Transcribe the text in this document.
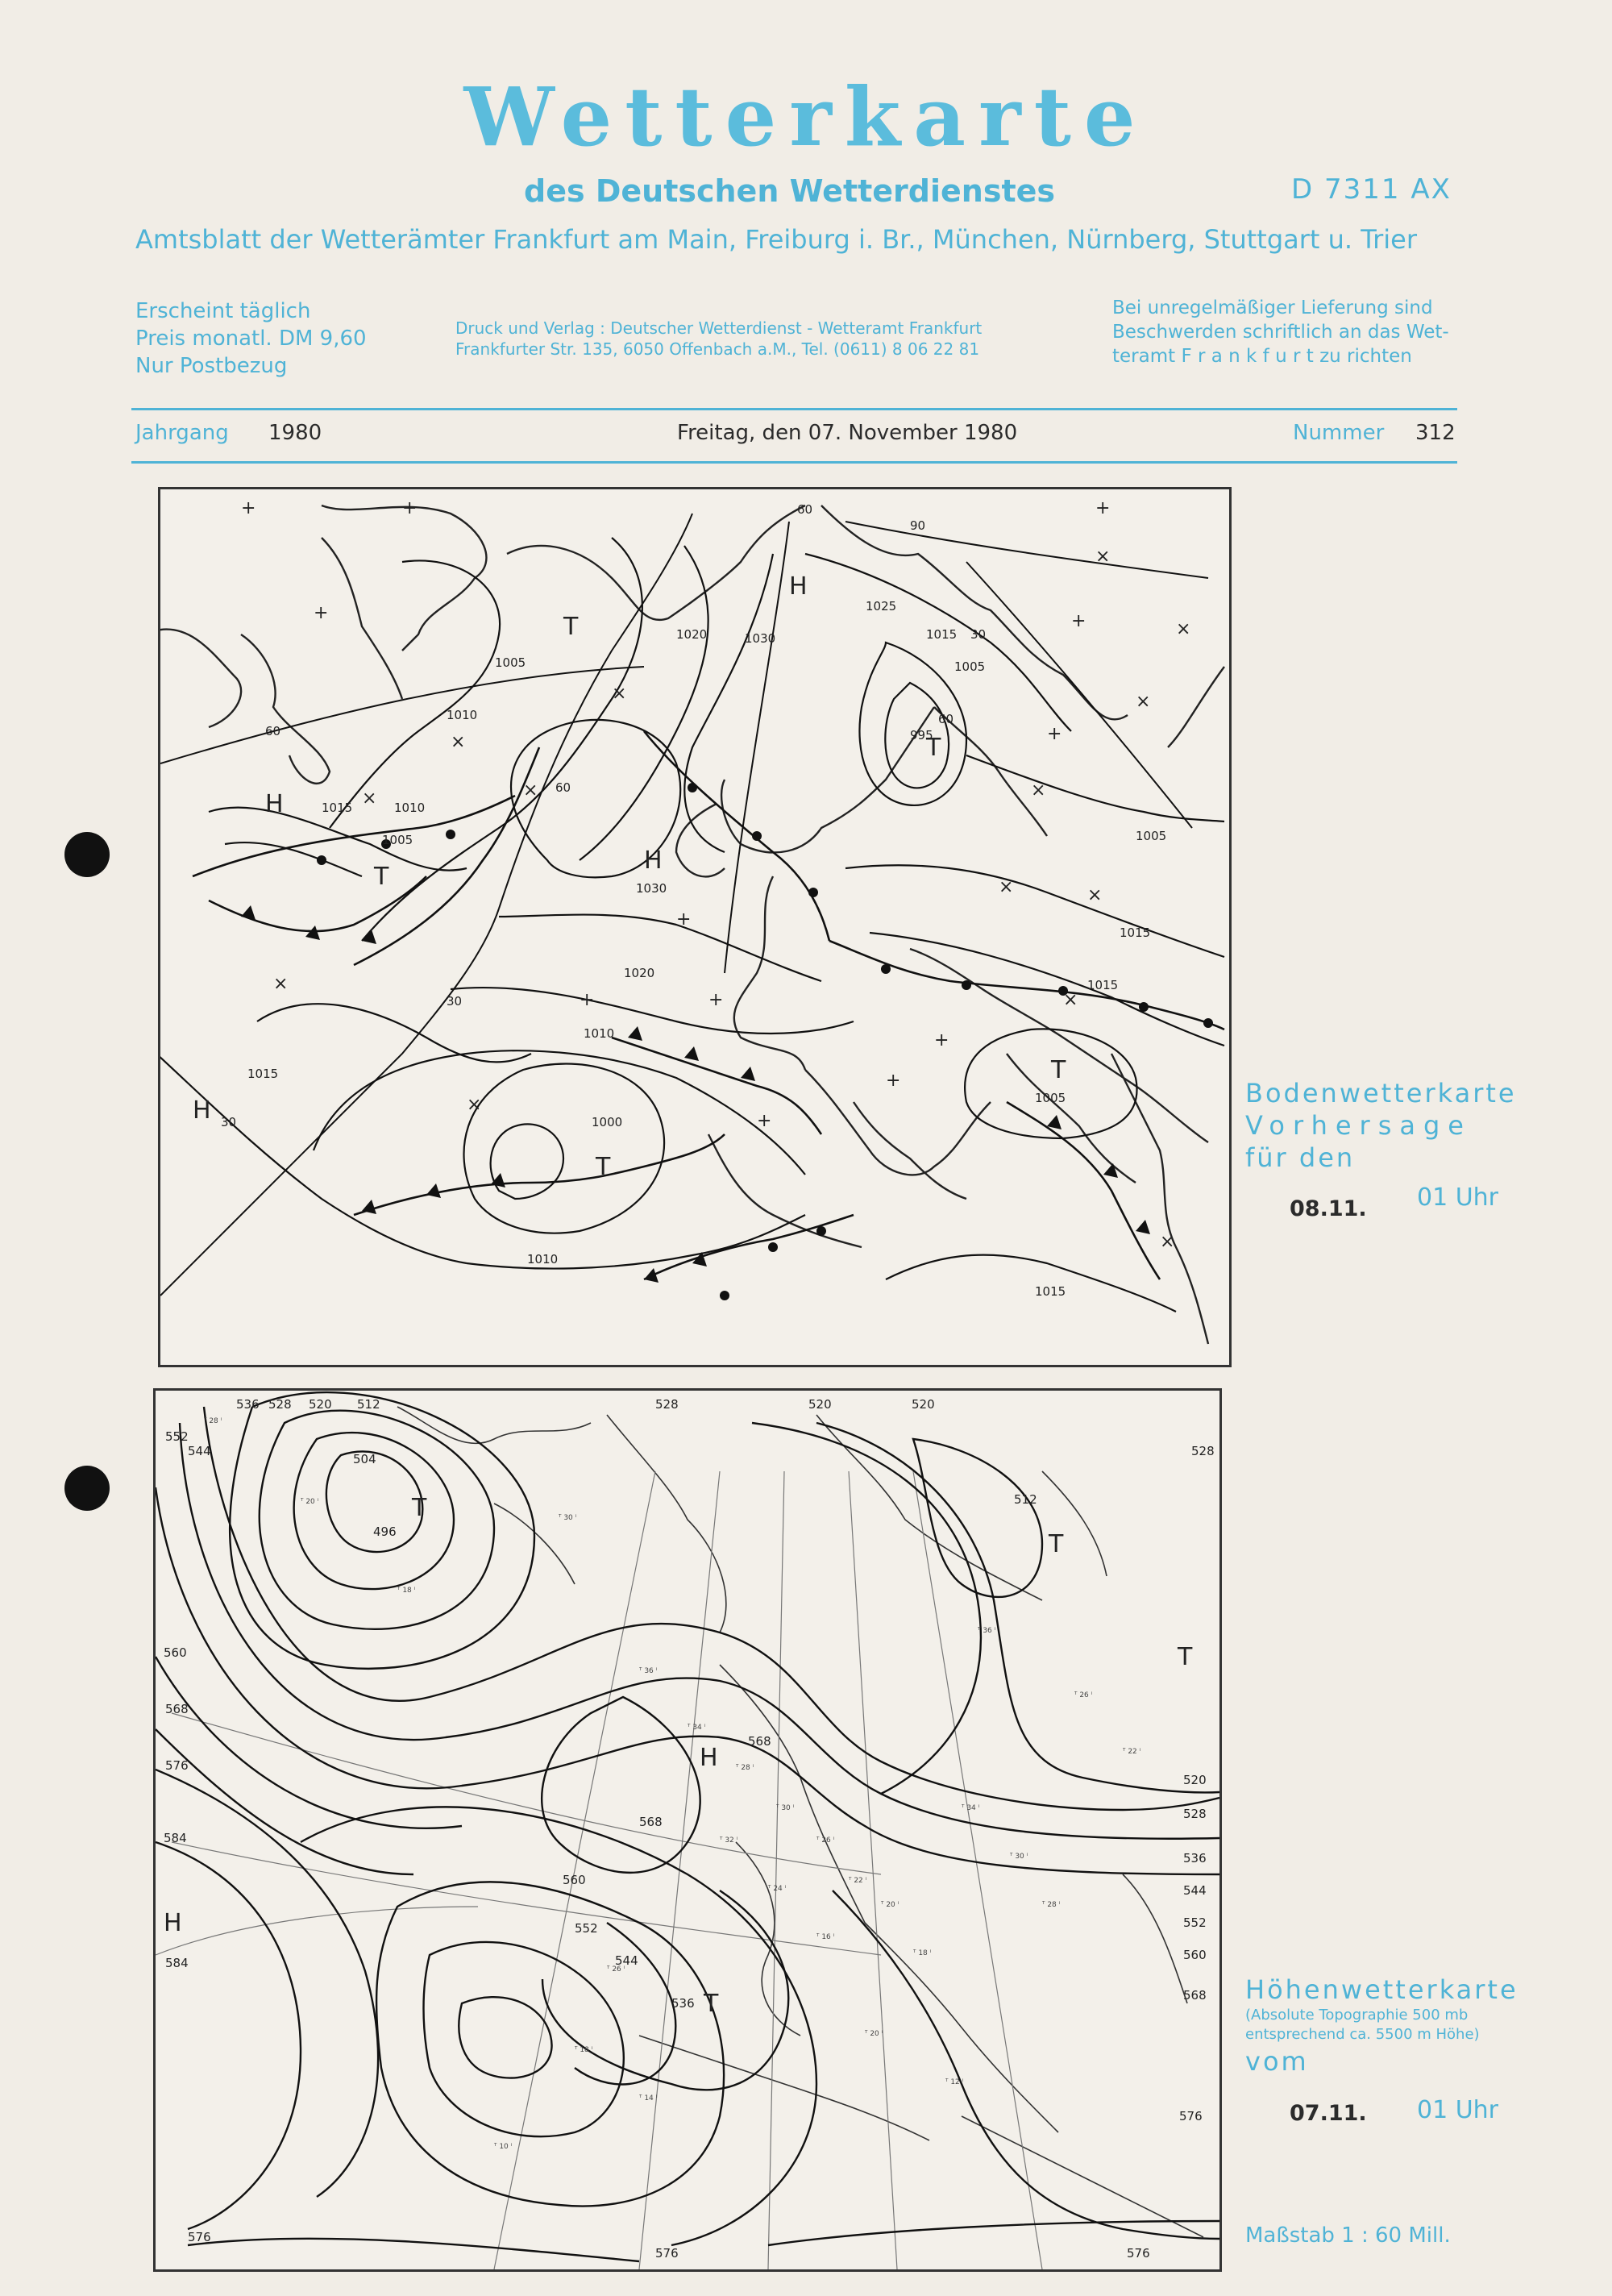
Wetterkarte
des Deutschen Wetterdienstes	D 7311 AX
Amtsblatt der Wetterämter Frankfurt am Main, Freiburg i. Br., München, Nürnberg, Stuttgart u. Trier
Erscheint täglich
Preis monatl. DM 9,60
Nur Postbezug
Druck und Verlag : Deutscher Wetterdienst - Wetteramt Frankfurt
Frankfurter Str. 135, 6050 Offenbach a.M., Tel. (0611) 8 06 22 81
Bei unregelmäßiger Lieferung sind
Beschwerden schriftlich an das Wet-
teramt F r a n k f u r t zu richten
Jahrgang 1980	Freitag, den 07. November 1980	Nummer 312
+	+	+
+	+
+
×
×
×
×
×
×
×
+
+
+
+
+
+
×
×
×
×
×
×
×
H
H
H
H
T
T
T
T
T
1005
1010
1020	1030
1025
1015
1005
995
1015	1010
1005
1030
1005
1020
1015
1015
1010
1015
1005
1000
1010
1015
60
60
60
30
30
30
90
60
Bodenwetterkarte
Vorhersage
für den
08.11. 01 Uhr
ᵀ 28 ⁱ
ᵀ 20 ⁱ
ᵀ 18 ⁱ
ᵀ 30 ⁱ
ᵀ 36 ⁱ
ᵀ 34 ⁱ
ᵀ 28 ⁱ
ᵀ 30 ⁱ
ᵀ 26 ⁱ
ᵀ 22 ⁱ
ᵀ 20 ⁱ
ᵀ 18 ⁱ
ᵀ 32 ⁱ
ᵀ 24 ⁱ
ᵀ 16 ⁱ
ᵀ 34 ⁱ
ᵀ 30 ⁱ
ᵀ 28 ⁱ
ᵀ 36 ⁱ
ᵀ 26 ⁱ
ᵀ 22 ⁱ
ᵀ 26 ⁱ
ᵀ 18 ⁱ
ᵀ 14 ⁱ
ᵀ 20 ⁱ
ᵀ 12 ⁱ
ᵀ 10 ⁱ
536 528 520 512
552
544
504
496
528	520	520
528
512
560
568
576
584
584
568
568
560
552
544
536
520
528
536
544
552
560
568
576
576
576	576
H
H
T
T
T
T	Höhenwetterkarte
(Absolute Topographie 500 mb
entsprechend ca. 5500 m Höhe)
vom
07.11. 01 Uhr
Maßstab 1 : 60 Mill.
